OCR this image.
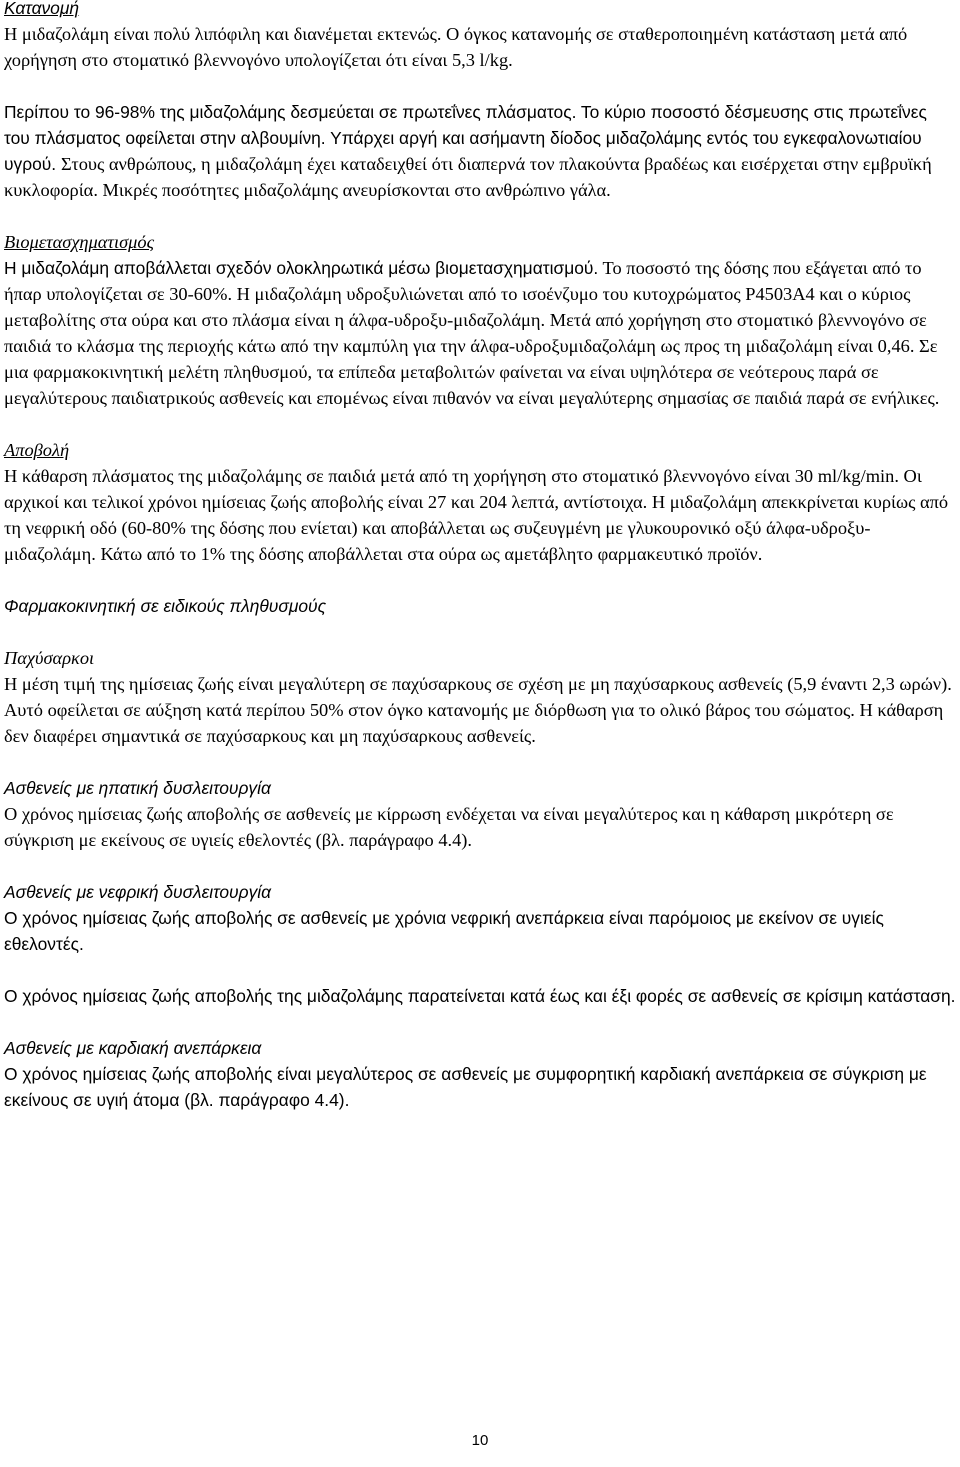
Κατανομή

Η μιδαζολάμη είναι πολύ λιπόφιλη και διανέμεται εκτενώς. Ο όγκος κατανομής σε σταθεροποιημένη κατάσταση μετά από χορήγηση στο στοματικό βλεννογόνο υπολογίζεται ότι είναι 5,3 l/kg.

Περίπου το 96-98% της μιδαζολάμης δεσμεύεται σε πρωτεΐνες πλάσματος. Το κύριο ποσοστό δέσμευσης στις πρωτεΐνες του πλάσματος οφείλεται στην αλβουμίνη. Υπάρχει αργή και ασήμαντη δίοδος μιδαζολάμης εντός του εγκεφαλονωτιαίου υγρού. Στους ανθρώπους, η μιδαζολάμη έχει καταδειχθεί ότι διαπερνά τον πλακούντα βραδέως και εισέρχεται στην εμβρυϊκή κυκλοφορία. Μικρές ποσότητες μιδαζολάμης ανευρίσκονται στο ανθρώπινο γάλα.

Βιομετασχηματισμός

Η μιδαζολάμη αποβάλλεται σχεδόν ολοκληρωτικά μέσω βιομετασχηματισμού. Το ποσοστό της δόσης που εξάγεται από το ήπαρ υπολογίζεται σε 30-60%. Η μιδαζολάμη υδροξυλιώνεται από το ισοένζυμο του κυτοχρώματος P4503A4 και ο κύριος μεταβολίτης στα ούρα και στο πλάσμα είναι η άλφα-υδροξυ-μιδαζολάμη. Μετά από χορήγηση στο στοματικό βλεννογόνο σε παιδιά το κλάσμα της περιοχής κάτω από την καμπύλη για την άλφα-υδροξυμιδαζολάμη ως προς τη μιδαζολάμη είναι 0,46. Σε μια φαρμακοκινητική μελέτη πληθυσμού, τα επίπεδα μεταβολιτών φαίνεται να είναι υψηλότερα σε νεότερους παρά σε μεγαλύτερους παιδιατρικούς ασθενείς και επομένως είναι πιθανόν να είναι μεγαλύτερης σημασίας σε παιδιά παρά σε ενήλικες.

Αποβολή

Η κάθαρση πλάσματος της μιδαζολάμης σε παιδιά μετά από τη χορήγηση στο στοματικό βλεννογόνο είναι 30 ml/kg/min. Οι αρχικοί και τελικοί χρόνοι ημίσειας ζωής αποβολής είναι 27 και 204 λεπτά, αντίστοιχα. Η μιδαζολάμη απεκκρίνεται κυρίως από τη νεφρική οδό (60-80% της δόσης που ενίεται) και αποβάλλεται ως συζευγμένη με γλυκουρονικό οξύ άλφα-υδροξυ-μιδαζολάμη. Κάτω από το 1% της δόσης αποβάλλεται στα ούρα ως αμετάβλητο φαρμακευτικό προϊόν.

Φαρμακοκινητική σε ειδικούς πληθυσμούς
Παχύσαρκοι

Η μέση τιμή της ημίσειας ζωής είναι μεγαλύτερη σε παχύσαρκους σε σχέση με μη παχύσαρκους ασθενείς (5,9 έναντι 2,3 ωρών). Αυτό οφείλεται σε αύξηση κατά περίπου 50% στον όγκο κατανομής με διόρθωση για το ολικό βάρος του σώματος. Η κάθαρση δεν διαφέρει σημαντικά σε παχύσαρκους και μη παχύσαρκους ασθενείς.

Ασθενείς με ηπατική δυσλειτουργία

Ο χρόνος ημίσειας ζωής αποβολής σε ασθενείς με κίρρωση ενδέχεται να είναι μεγαλύτερος και η κάθαρση μικρότερη σε σύγκριση με εκείνους σε υγιείς εθελοντές (βλ. παράγραφο 4.4).

Ασθενείς με νεφρική δυσλειτουργία

Ο χρόνος ημίσειας ζωής αποβολής σε ασθενείς με χρόνια νεφρική ανεπάρκεια είναι παρόμοιος με εκείνον σε υγιείς εθελοντές.

Ο χρόνος ημίσειας ζωής αποβολής της μιδαζολάμης παρατείνεται κατά έως και έξι φορές σε ασθενείς σε κρίσιμη κατάσταση.

Ασθενείς με καρδιακή ανεπάρκεια

Ο χρόνος ημίσειας ζωής αποβολής είναι μεγαλύτερος σε ασθενείς με συμφορητική καρδιακή ανεπάρκεια σε σύγκριση με εκείνους σε υγιή άτομα (βλ. παράγραφο 4.4).

10
